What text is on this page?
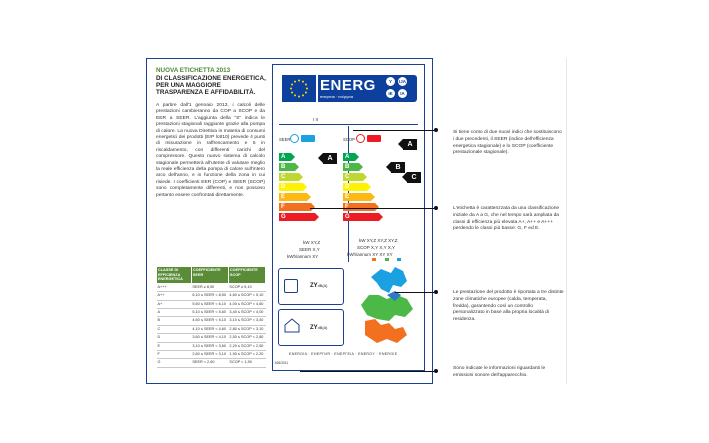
NUOVA ETICHETTA 2013
DI CLASSIFICAZIONE ENERGETICA, PER UNA MAGGIORE TRASPARENZA E AFFIDABILITÀ.
A partire dall'1 gennaio 2013, i calcoli delle prestazioni cambieranno da COP a SCOP e da EER a SEER. L'aggiunta della "S" indica le prestazioni stagionali raggiunte grazie alla pompa di calore. La nuova Direttiva in materia di consumi energetici dei prodotti (ErP lott10) prevede 4 punti di misurazione in raffrescamento e 5 in riscaldamento, con differenti carichi del compressore. Questo nuovo sistema di calcolo stagionale permetterà all'utente di valutare meglio la reale efficienza della pompa di calore sull'intero arco dell'anno, e in funzione della zona in cui risiede. I coefficienti EER (COP) e SEER (SCOP) sono completamente differenti, e non possono pertanto essere confrontati direttamente.
CLASSE DI EFFICIENZA ENERGETICA	COEFFICIENTE SEER	COEFFICIENTE SCOP
A+++	SEER ≥ 8,50	SCOP ≥ 5,10
A++	6,10 ≤ SEER < 8,50	4,60 ≤ SCOP < 5,10
A+	5,60 ≤ SEER < 6,10	4,00 ≤ SCOP < 4,60
A	5,10 ≤ SEER < 5,60	3,40 ≤ SCOP < 4,00
B	4,60 ≤ SEER < 5,10	3,10 ≤ SCOP < 3,40
C	4,10 ≤ SEER < 4,60	2,80 ≤ SCOP < 3,10
D	3,60 ≤ SEER < 4,10	2,50 ≤ SCOP < 2,80
E	3,10 ≤ SEER < 3,60	2,20 ≤ SCOP < 2,50
F	2,60 ≤ SEER < 3,10	1,90 ≤ SCOP < 2,20
G	SEER < 2,60	SCOP < 1,90
ENERG
енергия · ενέργεια
Y	IJA
IE	IA
I II
SEER
A
B
C
D
E
F
G
A
kW XY,Z
SEER X,Y
kWh/annum XY
SCOP
A
B
C
D
E
F
G
B
A
C
kW XY,Z XY,Z XY,Z
SCOP X,Y X,Y X,Y
kWh/annum XY XY XY
ZYdB(A)
ZYdB(A)
ENERGIA · ЕНЕРГИЯ · ΕΝΕΡΓΕΙΑ · ENERGY · ENERGIE
626/2011
Si tiene conto di due nuovi indici che sostituiscono i due precedenti, il SEER (indice dell'efficienza energetica stagionale) e lo SCOP (coefficiente prestazionale stagionale).
L'etichetta è caratterizzata da una classificazione iniziale da A a G, che nel tempo sarà ampliata da classi di efficienza più elevata A+, A++ e A+++ perdendo le classi più basse: G, F ed E.
Le prestazione del prodotto è riportata a tre distinte zone climatiche europee (calda, temperata, fredda), garantendo così un controllo personalizzato in base alla propria località di residenza.
Sono indicate le informazioni riguardanti le emissioni sonore dell'apparecchio.
